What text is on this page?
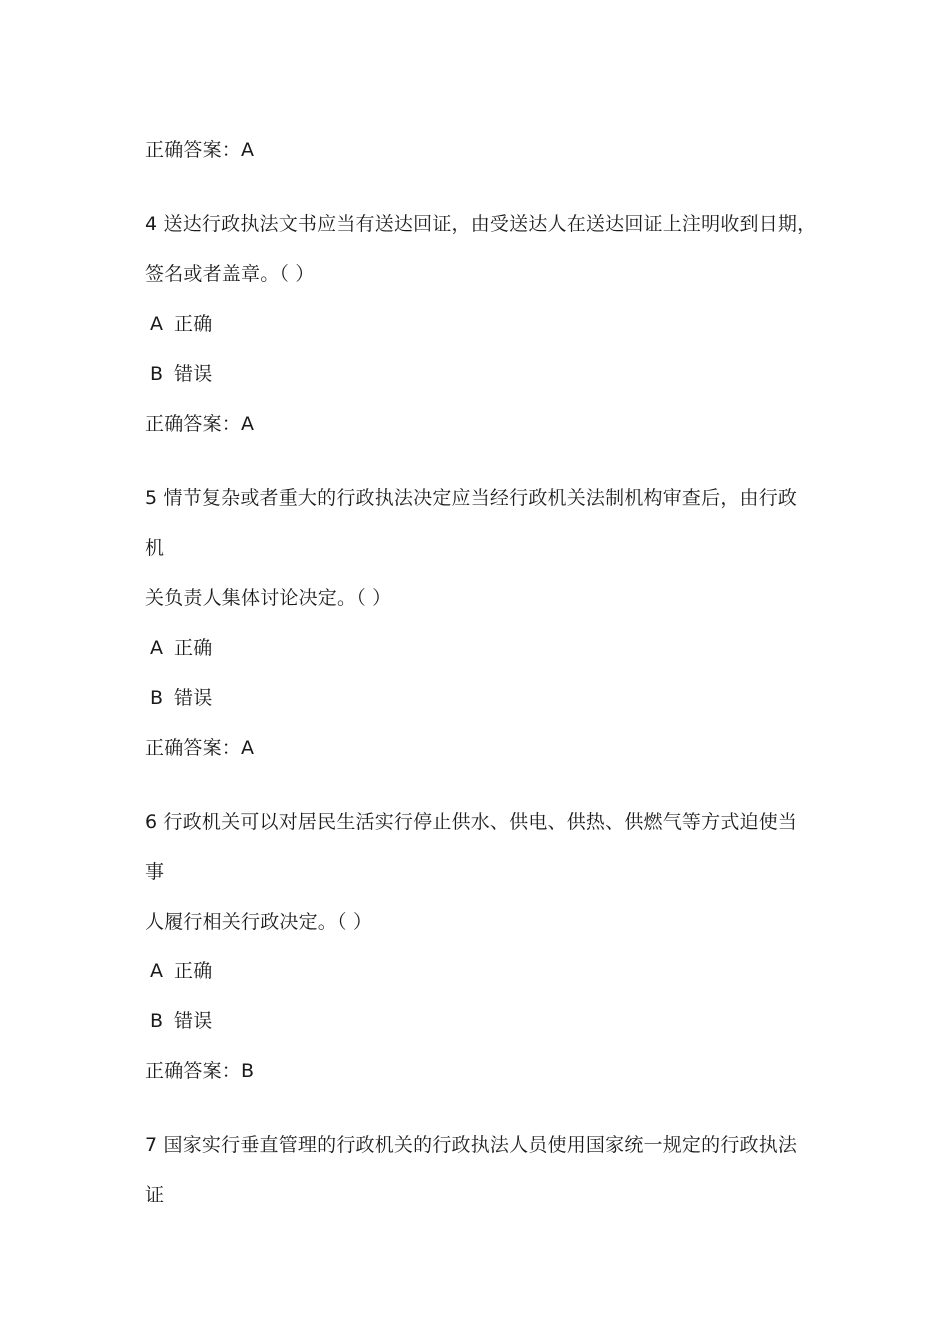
正确答案：A
4 送达行政执法文书应当有送达回证，由受送达人在送达回证上注明收到日期，
签名或者盖章。（ ）
A 正确
B 错误
正确答案：A
5 情节复杂或者重大的行政执法决定应当经行政机关法制机构审查后，由行政
机
关负责人集体讨论决定。（ ）
A 正确
B 错误
正确答案：A
6 行政机关可以对居民生活实行停止供水、供电、供热、供燃气等方式迫使当
事
人履行相关行政决定。（ ）
A 正确
B 错误
正确答案：B
7 国家实行垂直管理的行政机关的行政执法人员使用国家统一规定的行政执法
证
